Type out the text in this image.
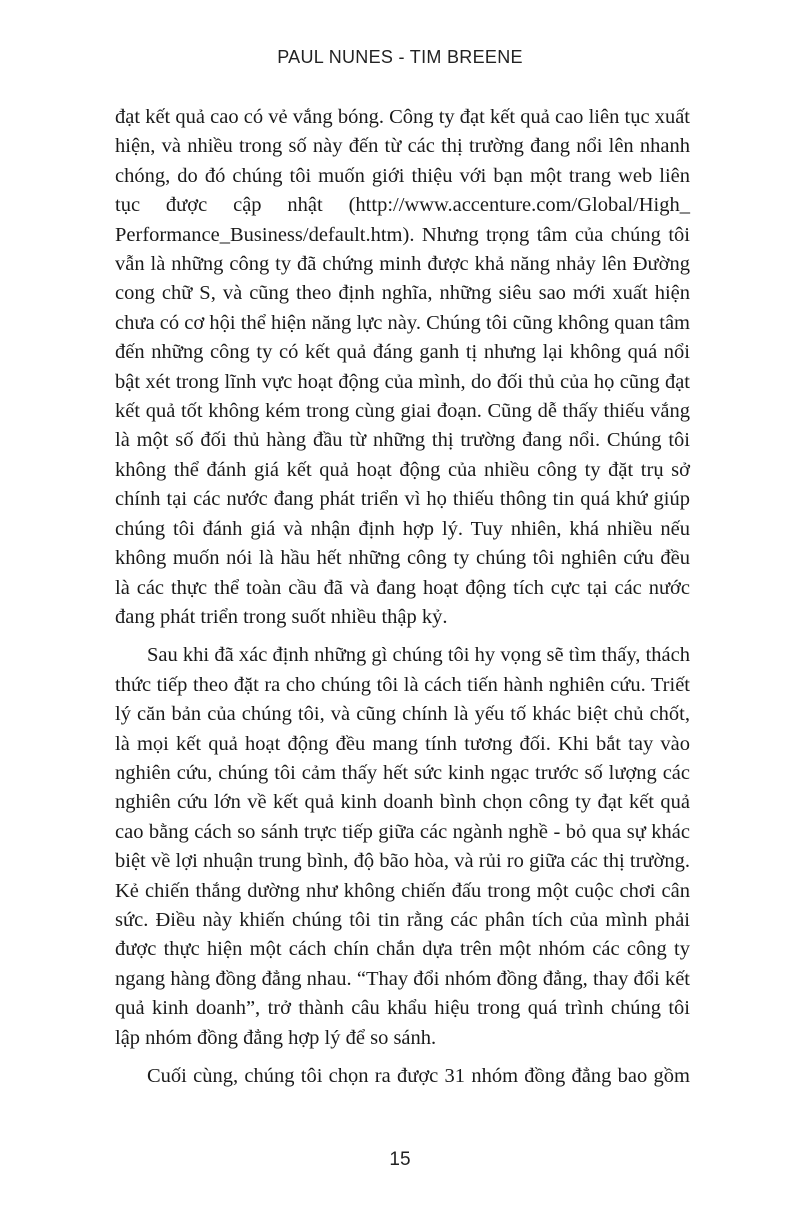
PAUL NUNES - TIM BREENE

đạt kết quả cao có vẻ vắng bóng. Công ty đạt kết quả cao liên tục xuất hiện, và nhiều trong số này đến từ các thị trường đang nổi lên nhanh chóng, do đó chúng tôi muốn giới thiệu với bạn một trang web liên tục được cập nhật (http://www.accenture.com/Global/High_ Performance_Business/default.htm). Nhưng trọng tâm của chúng tôi vẫn là những công ty đã chứng minh được khả năng nhảy lên Đường cong chữ S, và cũng theo định nghĩa, những siêu sao mới xuất hiện chưa có cơ hội thể hiện năng lực này. Chúng tôi cũng không quan tâm đến những công ty có kết quả đáng ganh tị nhưng lại không quá nổi bật xét trong lĩnh vực hoạt động của mình, do đối thủ của họ cũng đạt kết quả tốt không kém trong cùng giai đoạn. Cũng dễ thấy thiếu vắng là một số đối thủ hàng đầu từ những thị trường đang nổi. Chúng tôi không thể đánh giá kết quả hoạt động của nhiều công ty đặt trụ sở chính tại các nước đang phát triển vì họ thiếu thông tin quá khứ giúp chúng tôi đánh giá và nhận định hợp lý. Tuy nhiên, khá nhiều nếu không muốn nói là hầu hết những công ty chúng tôi nghiên cứu đều là các thực thể toàn cầu đã và đang hoạt động tích cực tại các nước đang phát triển trong suốt nhiều thập kỷ.

Sau khi đã xác định những gì chúng tôi hy vọng sẽ tìm thấy, thách thức tiếp theo đặt ra cho chúng tôi là cách tiến hành nghiên cứu. Triết lý căn bản của chúng tôi, và cũng chính là yếu tố khác biệt chủ chốt, là mọi kết quả hoạt động đều mang tính tương đối. Khi bắt tay vào nghiên cứu, chúng tôi cảm thấy hết sức kinh ngạc trước số lượng các nghiên cứu lớn về kết quả kinh doanh bình chọn công ty đạt kết quả cao bằng cách so sánh trực tiếp giữa các ngành nghề - bỏ qua sự khác biệt về lợi nhuận trung bình, độ bão hòa, và rủi ro giữa các thị trường. Kẻ chiến thắng dường như không chiến đấu trong một cuộc chơi cân sức. Điều này khiến chúng tôi tin rằng các phân tích của mình phải được thực hiện một cách chín chắn dựa trên một nhóm các công ty ngang hàng đồng đẳng nhau. “Thay đổi nhóm đồng đẳng, thay đổi kết quả kinh doanh”, trở thành câu khẩu hiệu trong quá trình chúng tôi lập nhóm đồng đẳng hợp lý để so sánh.

Cuối cùng, chúng tôi chọn ra được 31 nhóm đồng đẳng bao gồm

15
